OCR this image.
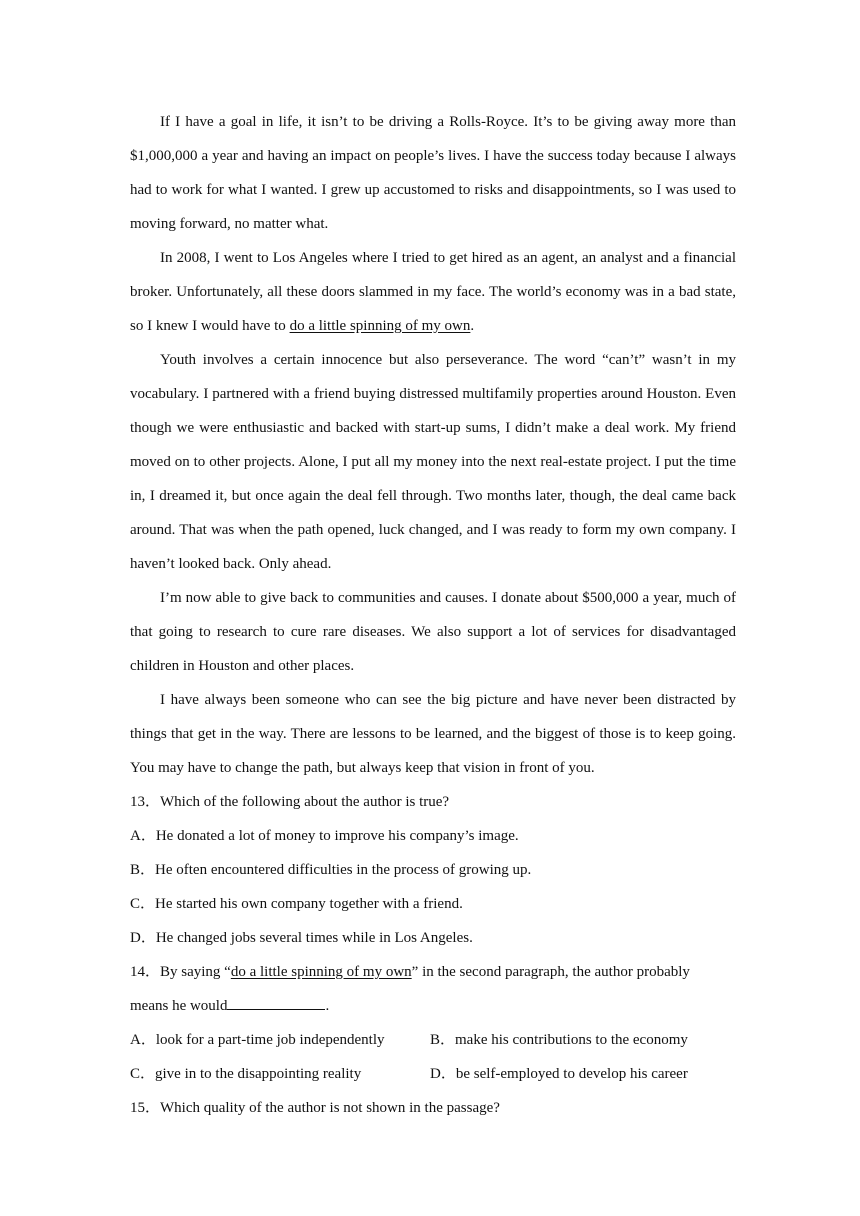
If I have a goal in life, it isn’t to be driving a Rolls-Royce. It’s to be giving away more than $1,000,000 a year and having an impact on people’s lives. I have the success today because I always had to work for what I wanted. I grew up accustomed to risks and disappointments, so I was used to moving forward, no matter what.

In 2008, I went to Los Angeles where I tried to get hired as an agent, an analyst and a financial broker. Unfortunately, all these doors slammed in my face. The world’s economy was in a bad state, so I knew I would have to do a little spinning of my own.

Youth involves a certain innocence but also perseverance. The word “can’t” wasn’t in my vocabulary. I partnered with a friend buying distressed multifamily properties around Houston. Even though we were enthusiastic and backed with start-up sums, I didn’t make a deal work. My friend moved on to other projects. Alone, I put all my money into the next real-estate project. I put the time in, I dreamed it, but once again the deal fell through. Two months later, though, the deal came back around. That was when the path opened, luck changed, and I was ready to form my own company. I haven’t looked back. Only ahead.

I’m now able to give back to communities and causes. I donate about $500,000 a year, much of that going to research to cure rare diseases. We also support a lot of services for disadvantaged children in Houston and other places.

I have always been someone who can see the big picture and have never been distracted by things that get in the way. There are lessons to be learned, and the biggest of those is to keep going. You may have to change the path, but always keep that vision in front of you.

13．Which of the following about the author is true?

A．He donated a lot of money to improve his company’s image.

B．He often encountered difficulties in the process of growing up.

C．He started his own company together with a friend.

D．He changed jobs several times while in Los Angeles.

14．By saying “do a little spinning of my own” in the second paragraph, the author probably

means he would	.

A．look for a part-time job independently	B．make his contributions to the economy
C．give in to the disappointing reality	D．be self-employed to develop his career

15．Which quality of the author is not shown in the passage?
